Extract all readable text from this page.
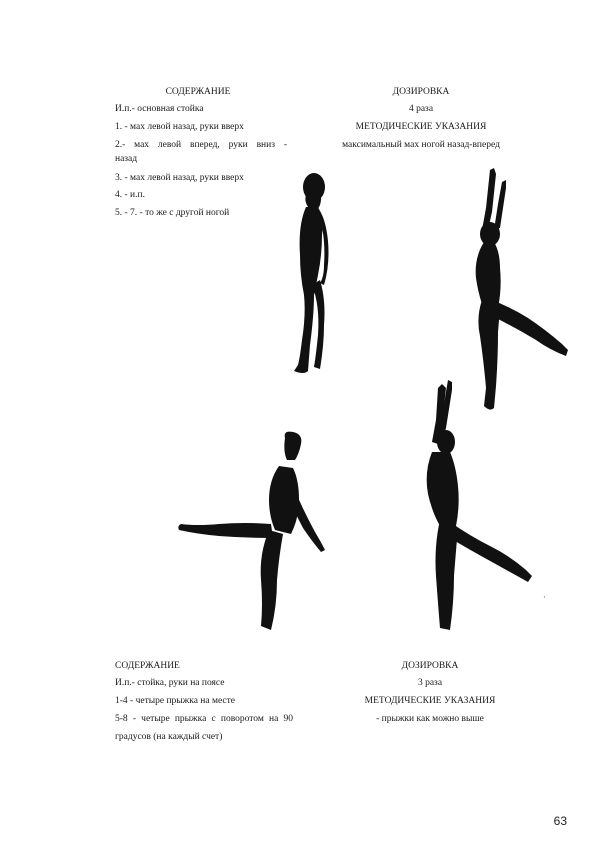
СОДЕРЖАНИЕ	ДОЗИРОВКА
И.п.- основная стойка	4 раза
1. - мах левой назад, руки вверх	МЕТОДИЧЕСКИЕ УКАЗАНИЯ
2.- мах левой вперед, руки вниз -	максимальный мах ногой назад-вперед
назад
3. - мах левой назад, руки вверх
4. - и.п.
5. - 7. - то же с другой ногой
·
СОДЕРЖАНИЕ	ДОЗИРОВКА
И.п.- стойка, руки на поясе	3 раза
1-4 - четыре прыжка на месте	МЕТОДИЧЕСКИЕ УКАЗАНИЯ
5-8 - четыре прыжка с поворотом на 90	- прыжки как можно выше
градусов (на каждый счет)
63
